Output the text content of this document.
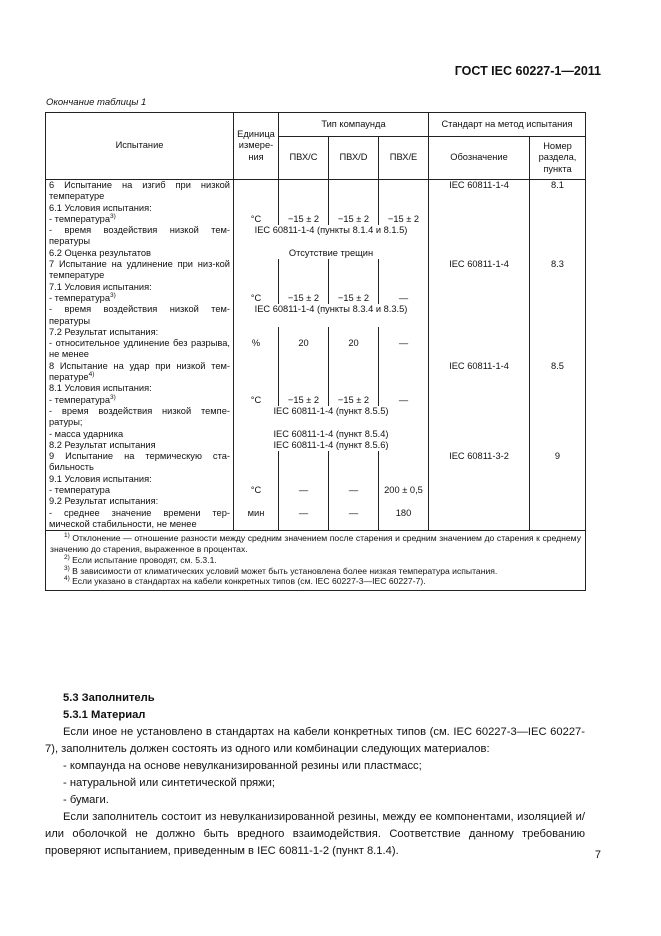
ГОСТ IEC 60227-1—2011
Окончание таблицы 1
Испытание	Единица измере-ния	Тип компаунда			Стандарт на метод испытания	
		ПВХ/С	ПВХ/D	ПВХ/Е	Обозначение	Номер раздела, пункта
6 Испытание на изгиб при низкой температуре					IEC 60811-1-4	8.1
6.1 Условия испытания:						
- температура$^{3)}$	°С	−15 ± 2	−15 ± 2	−15 ± 2		
- время воздействия низкой тем-пературы	IEC 60811-1-4 (пункты 8.1.4 и 8.1.5)					
6.2 Оценка результатов	Отсутствие трещин					
7 Испытание на удлинение при низ-кой температуре					IEC 60811-1-4	8.3
7.1 Условия испытания:						
- температура$^{3)}$	°С	−15 ± 2	−15 ± 2	—		
- время воздействия низкой тем-пературы	IEC 60811-1-4 (пункты 8.3.4 и 8.3.5)					
7.2 Результат испытания:						
- относительное удлинение без разрыва, не менее	%	20	20	—		
8 Испытание на удар при низкой тем-пературе$^{4)}$					IEC 60811-1-4	8.5
8.1 Условия испытания:						
- температура$^{3)}$	°С	−15 ± 2	−15 ± 2	—		
- время воздействия низкой темпе-ратуры;	IEC 60811-1-4 (пункт 8.5.5)					
- масса ударника	IEC 60811-1-4 (пункт 8.5.4)					
8.2 Результат испытания	IEC 60811-1-4 (пункт 8.5.6)					
9 Испытание на термическую ста-бильность					IEC 60811-3-2	9
9.1 Условия испытания:						
- температура	°С	—	—	200 ± 0,5		
9.2 Результат испытания:						
- среднее значение времени тер-мической стабильности, не менее	мин	—	—	180		

$^{1)}$ Отклонение — отношение разности между средним значением после старения и средним значением до старения к среднему значению до старения, выраженное в процентах.
$^{2)}$ Если испытание проводят, см. 5.3.1.
$^{3)}$ В зависимости от климатических условий может быть установлена более низкая температура испытания.
$^{4)}$ Если указано в стандартах на кабели конкретных типов (см. IEC 60227-3—IEC 60227-7).						
5.3 Заполнитель
5.3.1 Материал

Если иное не установлено в стандартах на кабели конкретных типов (см. IEC 60227-3—IEC 60227-7), заполнитель должен состоять из одного или комбинации следующих материалов:

- компаунда на основе невулканизированной резины или пластмасс;
- натуральной или синтетической пряжи;
- бумаги.

Если заполнитель состоит из невулканизированной резины, между ее компонентами, изоляцией и/или оболочкой не должно быть вредного взаимодействия. Соответствие данному требованию проверяют испытанием, приведенным в IEC 60811-1-2 (пункт 8.1.4).	7
